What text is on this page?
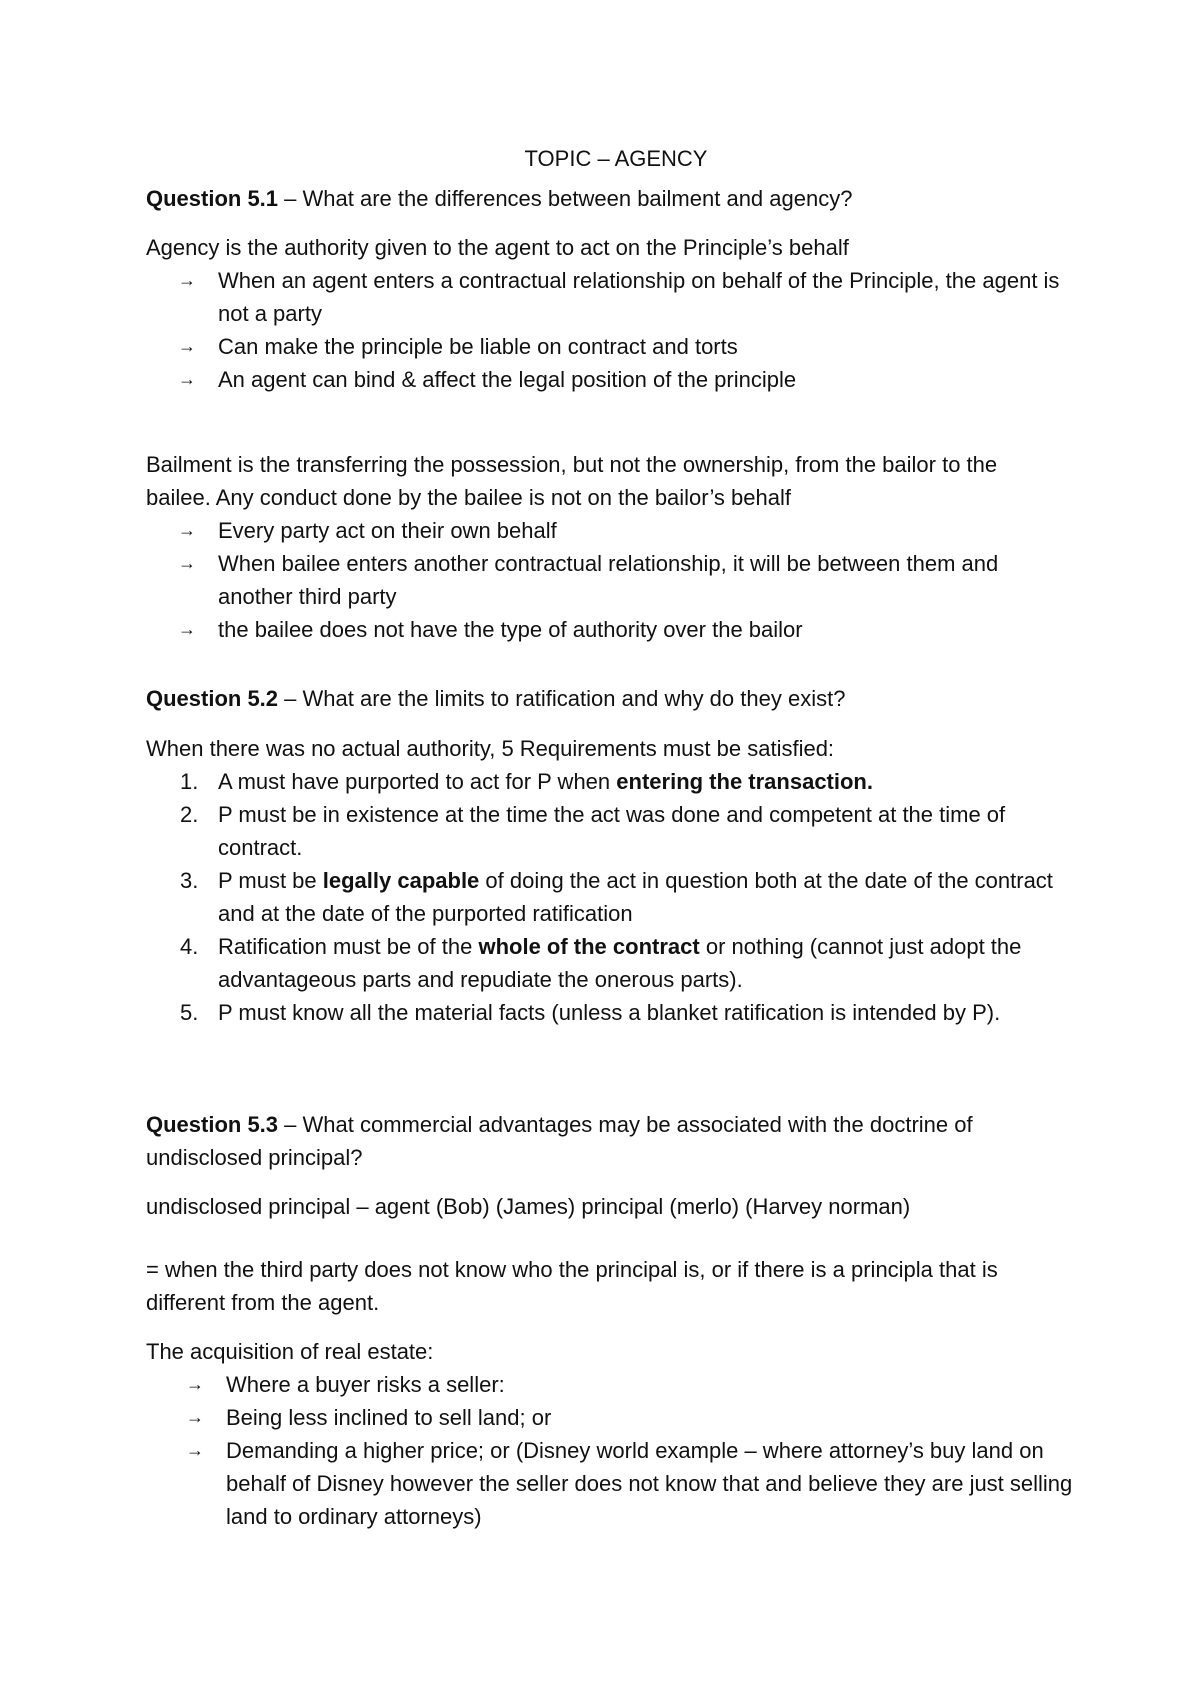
TOPIC – AGENCY

Question 5.1 – What are the differences between bailment and agency?

Agency is the authority given to the agent to act on the Principle’s behalf

→ When an agent enters a contractual relationship on behalf of the Principle, the agent is not a party
→ Can make the principle be liable on contract and torts
→ An agent can bind & affect the legal position of the principle

Bailment is the transferring the possession, but not the ownership, from the bailor to the bailee. Any conduct done by the bailee is not on the bailor’s behalf

→ Every party act on their own behalf
→ When bailee enters another contractual relationship, it will be between them and another third party
→ the bailee does not have the type of authority over the bailor

Question 5.2 – What are the limits to ratification and why do they exist?

When there was no actual authority, 5 Requirements must be satisfied:

1. A must have purported to act for P when entering the transaction.
2. P must be in existence at the time the act was done and competent at the time of contract.
3. P must be legally capable of doing the act in question both at the date of the contract and at the date of the purported ratification
4. Ratification must be of the whole of the contract or nothing (cannot just adopt the advantageous parts and repudiate the onerous parts).
5. P must know all the material facts (unless a blanket ratification is intended by P).

Question 5.3 – What commercial advantages may be associated with the doctrine of undisclosed principal?

undisclosed principal – agent (Bob) (James) principal (merlo) (Harvey norman)

= when the third party does not know who the principal is, or if there is a principla that is different from the agent.

The acquisition of real estate:

→ Where a buyer risks a seller:
→ Being less inclined to sell land; or
→ Demanding a higher price; or (Disney world example – where attorney’s buy land on behalf of Disney however the seller does not know that and believe they are just selling land to ordinary attorneys)
